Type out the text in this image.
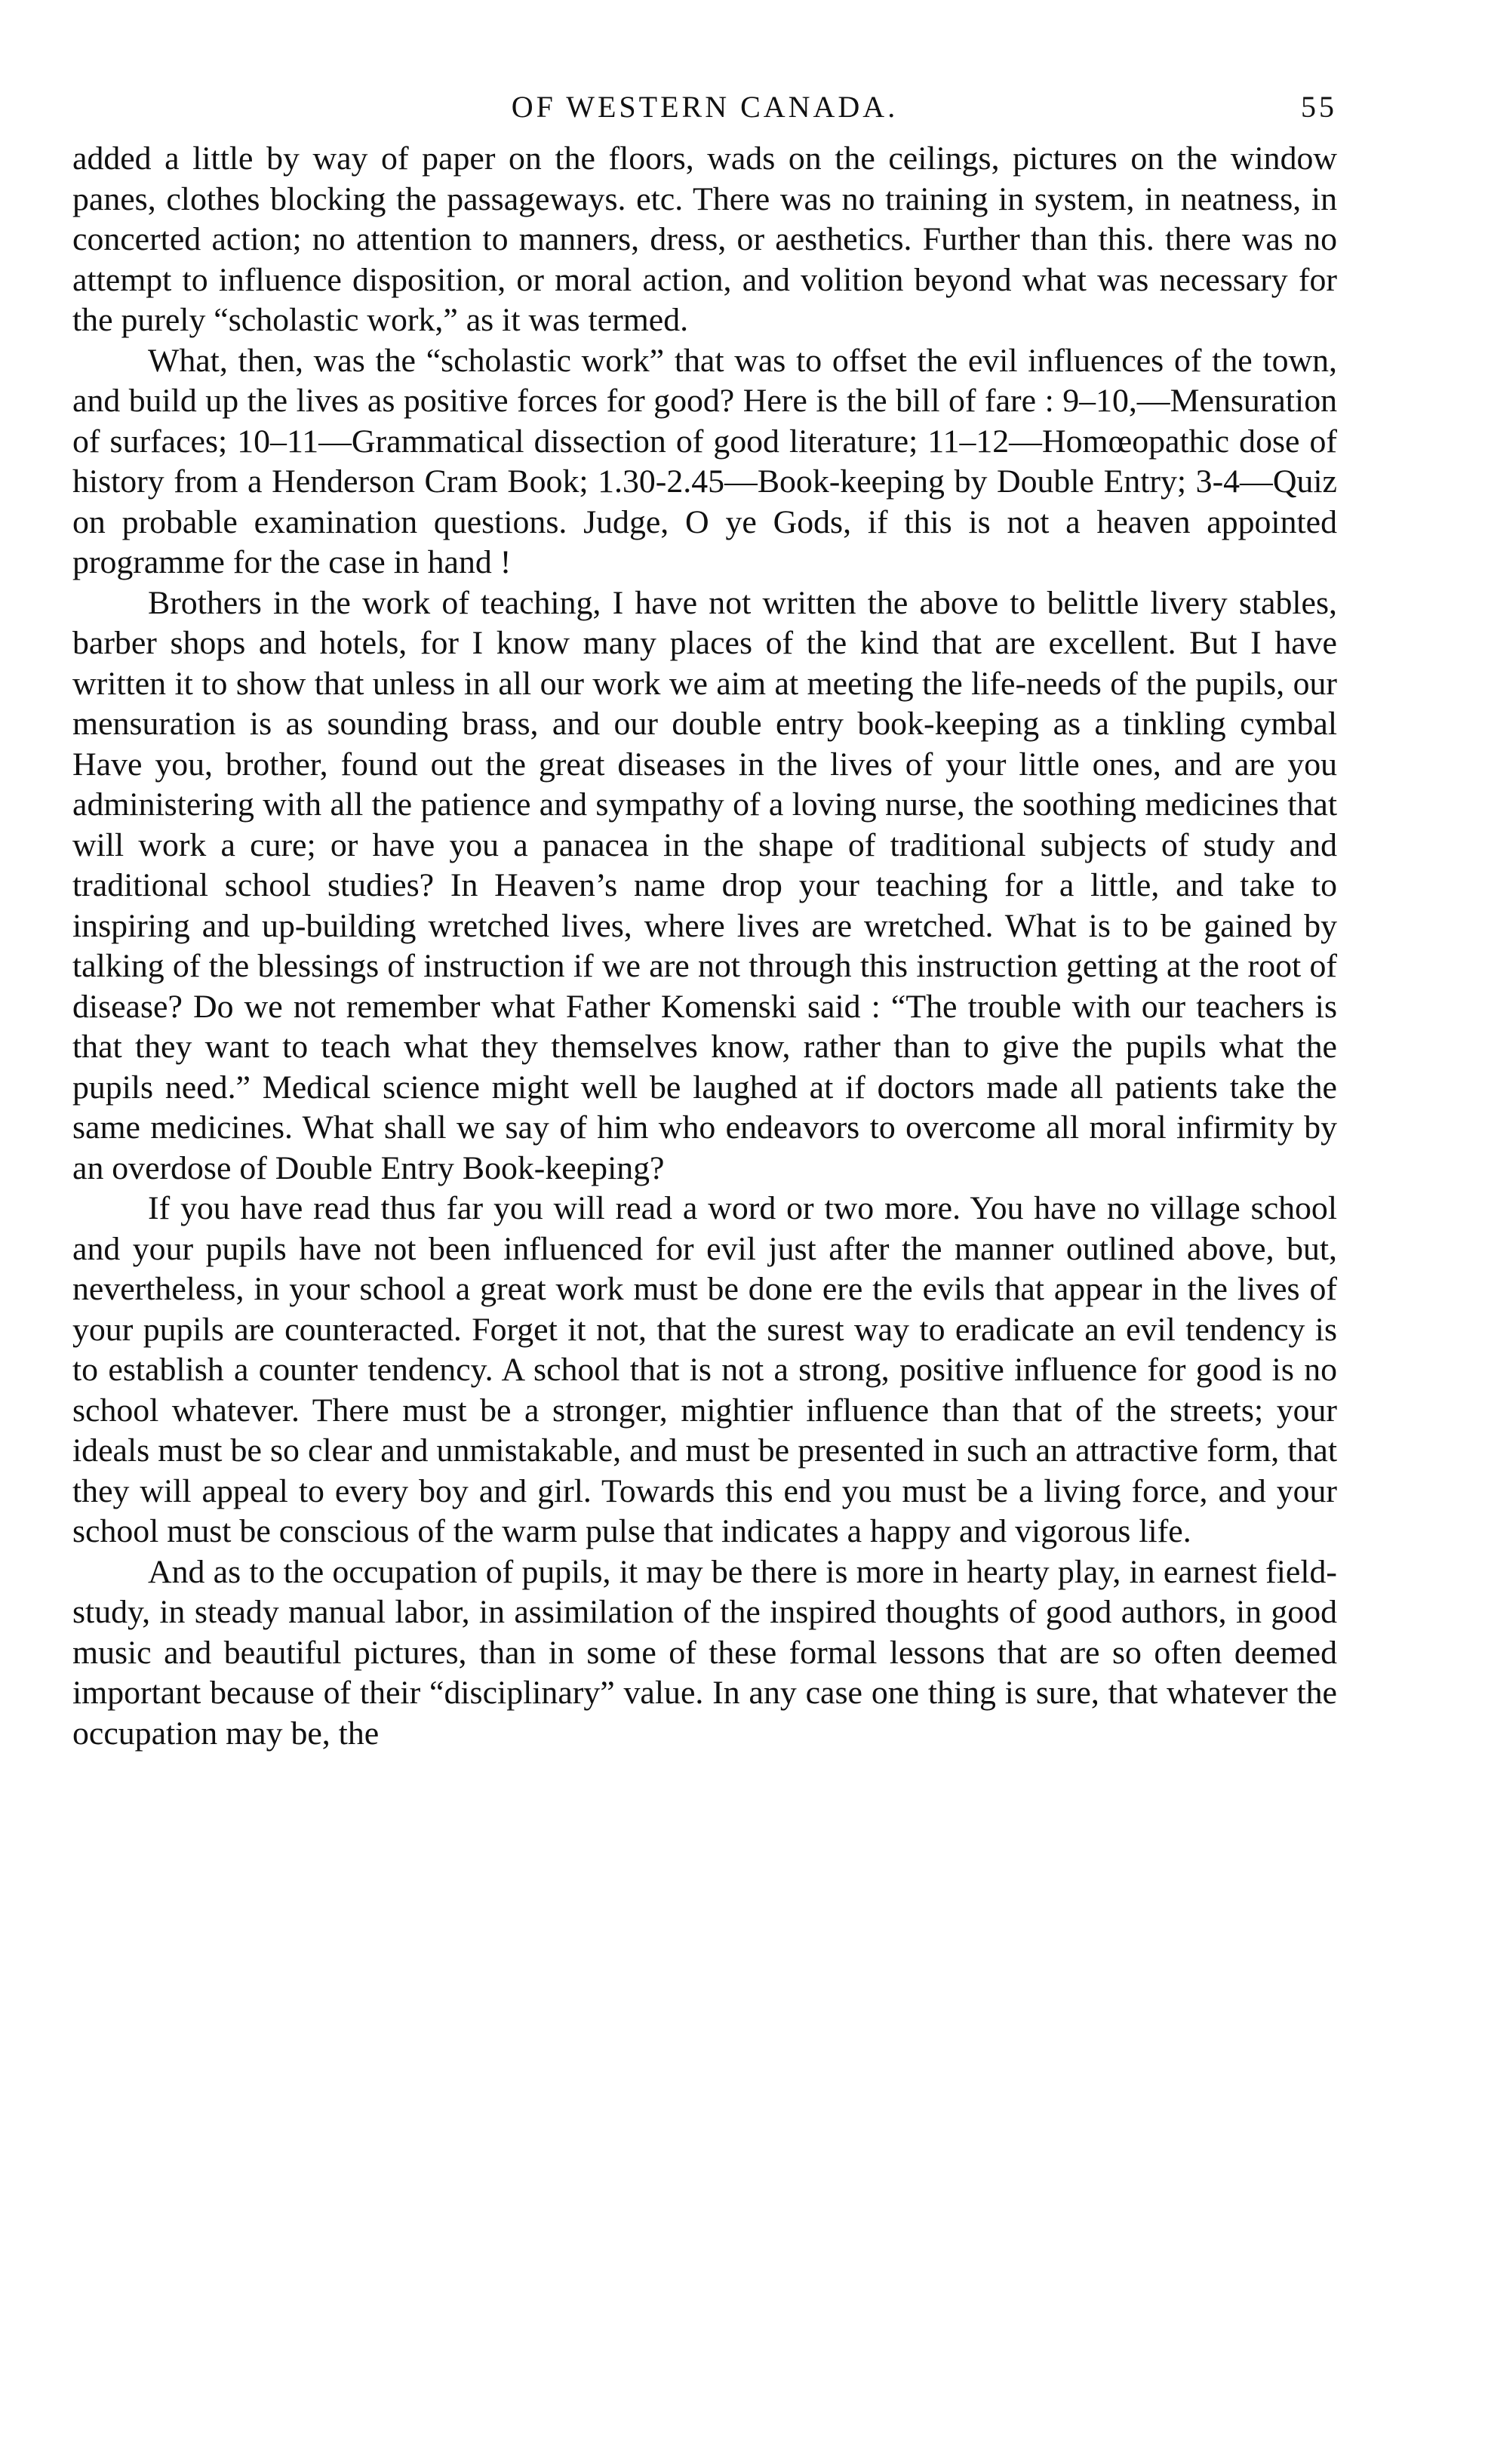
OF WESTERN CANADA.	55

added a little by way of paper on the floors, wads on the ceilings, pictures on the window panes, clothes blocking the passageways. etc. There was no training in system, in neatness, in concerted action; no attention to manners, dress, or aesthetics. Further than this. there was no attempt to influence disposition, or moral action, and volition beyond what was necessary for the purely “scholastic work,” as it was termed.

What, then, was the “scholastic work” that was to offset the evil influences of the town, and build up the lives as positive forces for good? Here is the bill of fare : 9–10,—Mensuration of surfaces; 10–11—Grammatical dissection of good literature; 11–12—Homœopathic dose of history from a Henderson Cram Book; 1.30-2.45—Book-keeping by Double Entry; 3-4—Quiz on probable examination questions. Judge, O ye Gods, if this is not a heaven appointed programme for the case in hand !

Brothers in the work of teaching, I have not written the above to belittle livery stables, barber shops and hotels, for I know many places of the kind that are excellent. But I have written it to show that unless in all our work we aim at meeting the life-needs of the pupils, our mensuration is as sounding brass, and our double entry book-keeping as a tinkling cymbal Have you, brother, found out the great diseases in the lives of your little ones, and are you administering with all the patience and sympathy of a loving nurse, the soothing medicines that will work a cure; or have you a panacea in the shape of traditional subjects of study and traditional school studies? In Heaven’s name drop your teaching for a little, and take to inspiring and up-building wretched lives, where lives are wretched. What is to be gained by talking of the blessings of instruction if we are not through this instruction getting at the root of disease? Do we not remember what Father Komenski said : “The trouble with our teachers is that they want to teach what they themselves know, rather than to give the pupils what the pupils need.” Medical science might well be laughed at if doctors made all patients take the same medicines. What shall we say of him who endeavors to overcome all moral infirmity by an overdose of Double Entry Book-keeping?

If you have read thus far you will read a word or two more. You have no village school and your pupils have not been influenced for evil just after the manner outlined above, but, nevertheless, in your school a great work must be done ere the evils that appear in the lives of your pupils are counteracted. Forget it not, that the surest way to eradicate an evil tendency is to establish a counter tendency. A school that is not a strong, positive influence for good is no school whatever. There must be a stronger, mightier influence than that of the streets; your ideals must be so clear and unmistakable, and must be presented in such an attractive form, that they will appeal to every boy and girl. Towards this end you must be a living force, and your school must be conscious of the warm pulse that indicates a happy and vigorous life.

And as to the occupation of pupils, it may be there is more in hearty play, in earnest field-study, in steady manual labor, in assimilation of the inspired thoughts of good authors, in good music and beautiful pictures, than in some of these formal lessons that are so often deemed important because of their “disciplinary” value. In any case one thing is sure, that whatever the occupation may be, the
